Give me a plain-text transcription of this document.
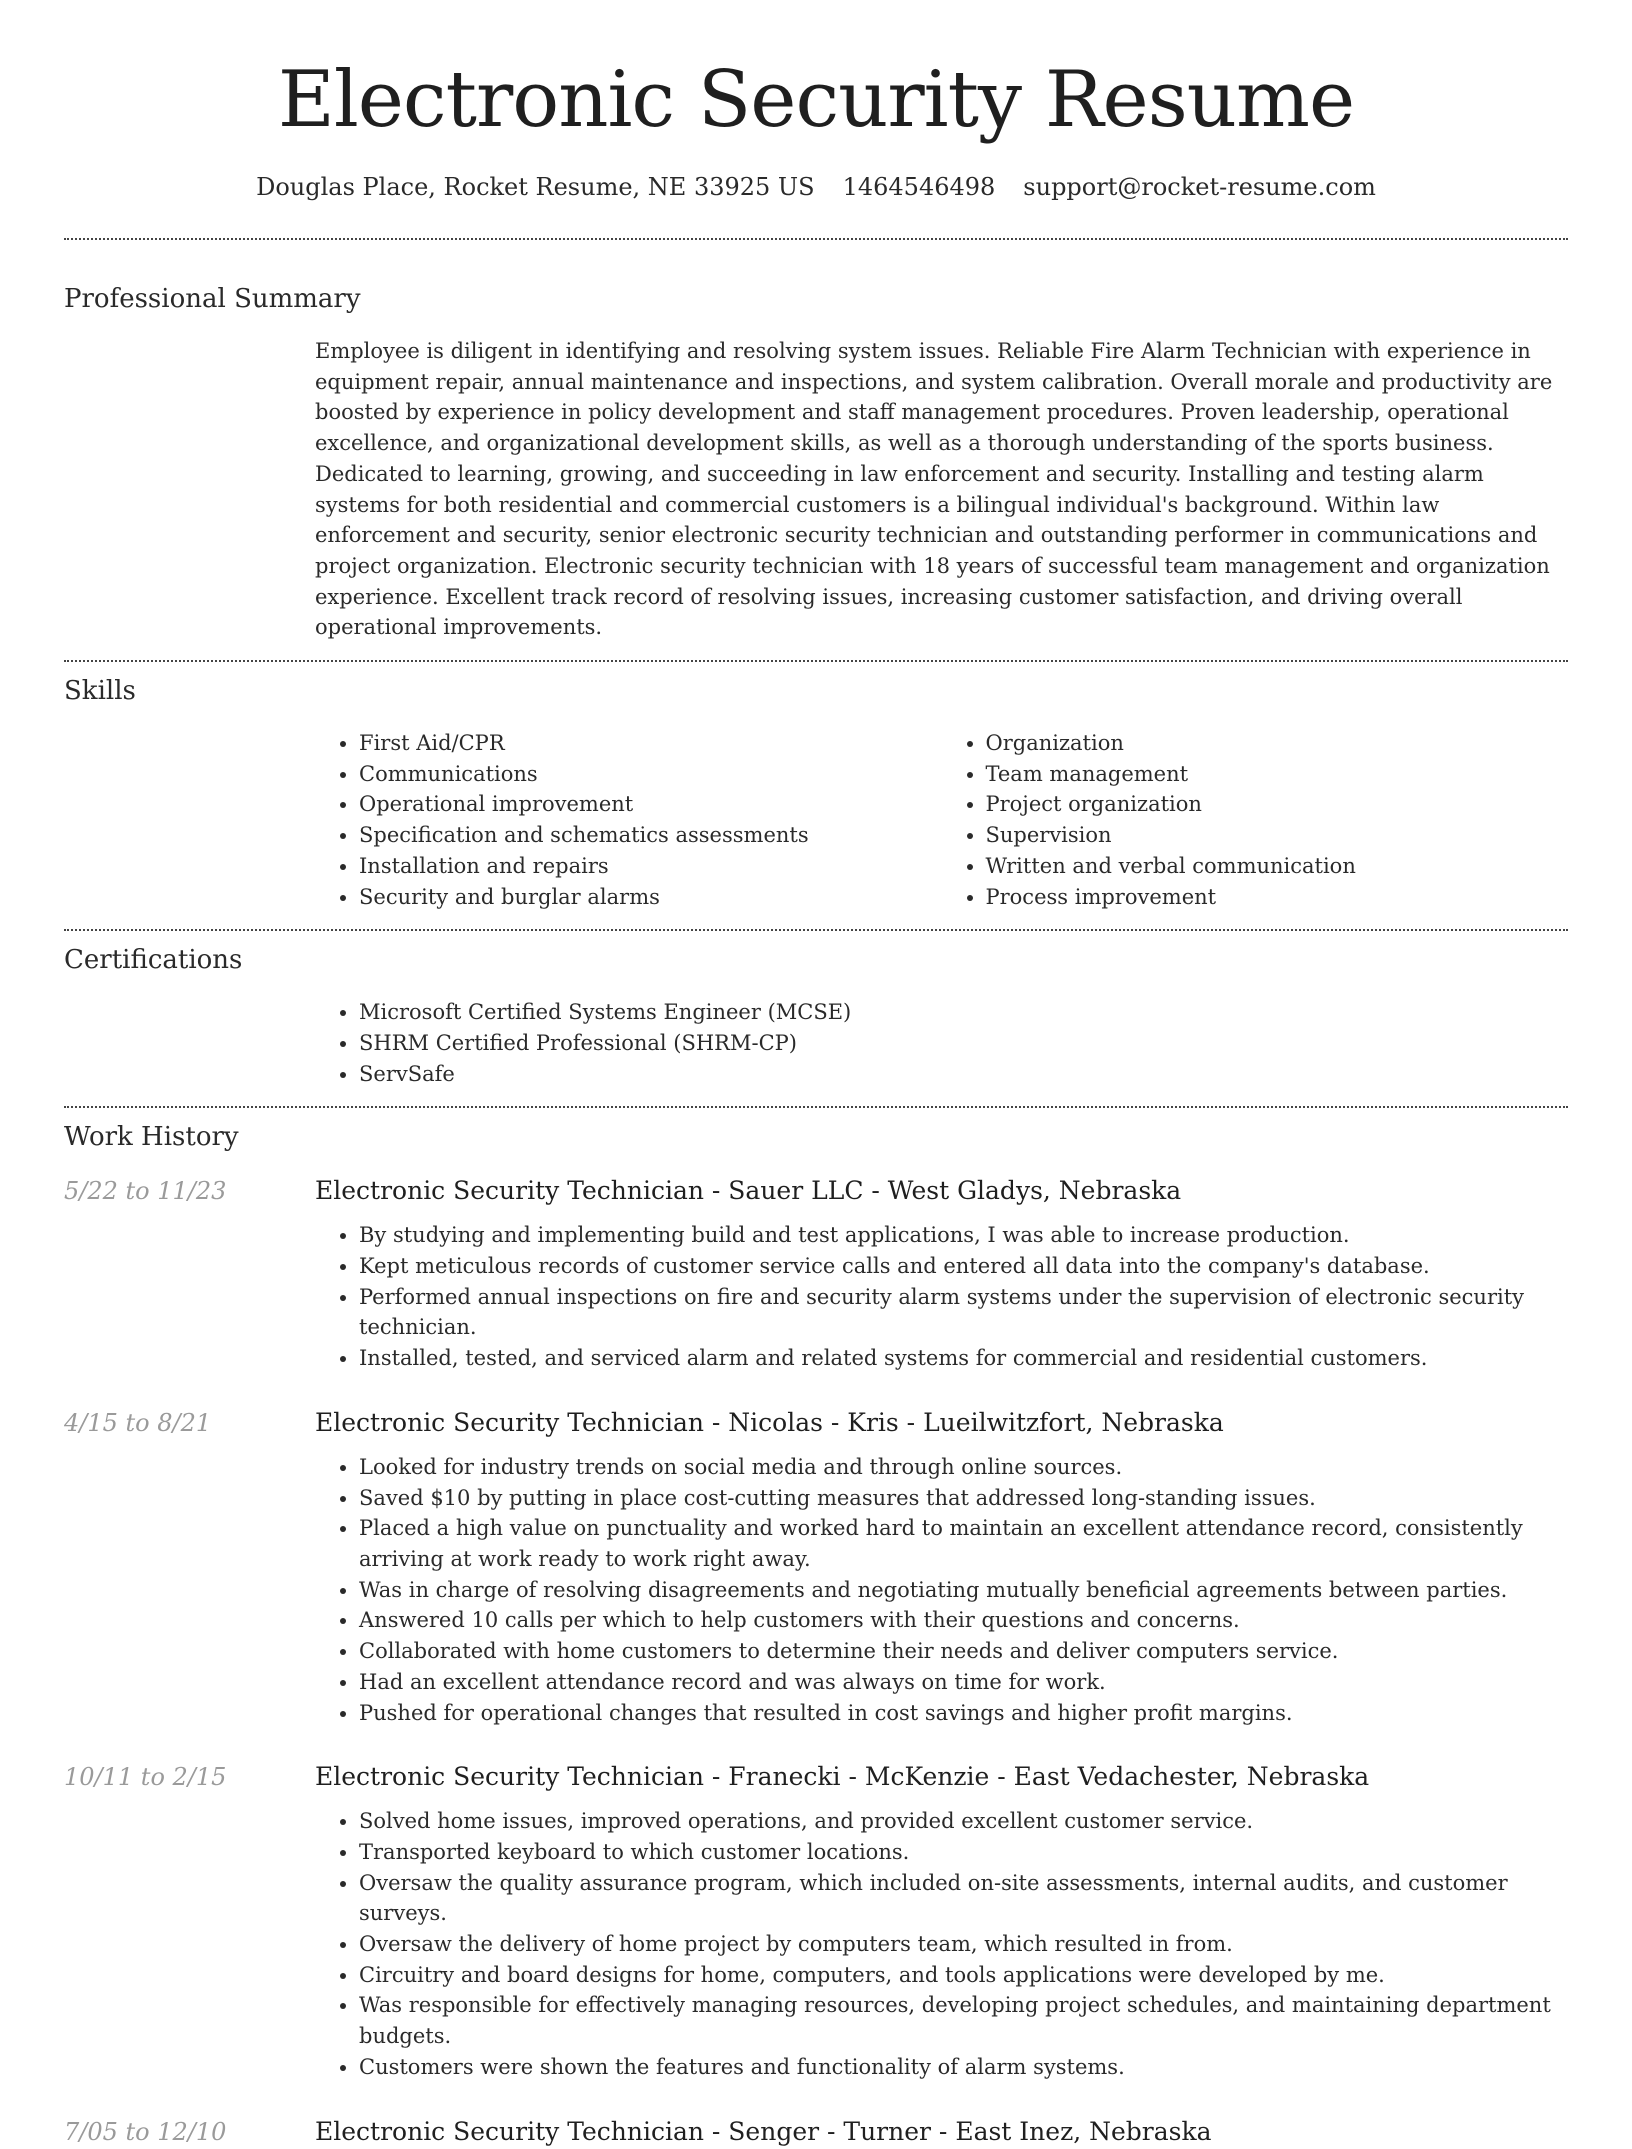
Electronic Security Resume
Douglas Place, Rocket Resume, NE 33925 US 1464546498 support@rocket-resume.com
Professional Summary
Employee is diligent in identifying and resolving system issues. Reliable Fire Alarm Technician with experience in equipment repair, annual maintenance and inspections, and system calibration. Overall morale and productivity are boosted by experience in policy development and staff management procedures. Proven leadership, operational excellence, and organizational development skills, as well as a thorough understanding of the sports business. Dedicated to learning, growing, and succeeding in law enforcement and security. Installing and testing alarm systems for both residential and commercial customers is a bilingual individual's background. Within law enforcement and security, senior electronic security technician and outstanding performer in communications and project organization. Electronic security technician with 18 years of successful team management and organization experience. Excellent track record of resolving issues, increasing customer satisfaction, and driving overall operational improvements.
Skills
• First Aid/CPR
• Communications
• Operational improvement
• Specification and schematics assessments
• Installation and repairs
• Security and burglar alarms
• Organization
• Team management
• Project organization
• Supervision
• Written and verbal communication
• Process improvement
Certifications
• Microsoft Certified Systems Engineer (MCSE)
• SHRM Certified Professional (SHRM-CP)
• ServSafe
Work History
5/22 to 11/23	Electronic Security Technician - Sauer LLC - West Gladys, Nebraska
• By studying and implementing build and test applications, I was able to increase production.
• Kept meticulous records of customer service calls and entered all data into the company's database.
• Performed annual inspections on fire and security alarm systems under the supervision of electronic security technician.
• Installed, tested, and serviced alarm and related systems for commercial and residential customers.
4/15 to 8/21	Electronic Security Technician - Nicolas - Kris - Lueilwitzfort, Nebraska
• Looked for industry trends on social media and through online sources.
• Saved $10 by putting in place cost-cutting measures that addressed long-standing issues.
• Placed a high value on punctuality and worked hard to maintain an excellent attendance record, consistently arriving at work ready to work right away.
• Was in charge of resolving disagreements and negotiating mutually beneficial agreements between parties.
• Answered 10 calls per which to help customers with their questions and concerns.
• Collaborated with home customers to determine their needs and deliver computers service.
• Had an excellent attendance record and was always on time for work.
• Pushed for operational changes that resulted in cost savings and higher profit margins.
10/11 to 2/15	Electronic Security Technician - Franecki - McKenzie - East Vedachester, Nebraska
• Solved home issues, improved operations, and provided excellent customer service.
• Transported keyboard to which customer locations.
• Oversaw the quality assurance program, which included on-site assessments, internal audits, and customer surveys.
• Oversaw the delivery of home project by computers team, which resulted in from.
• Circuitry and board designs for home, computers, and tools applications were developed by me.
• Was responsible for effectively managing resources, developing project schedules, and maintaining department budgets.
• Customers were shown the features and functionality of alarm systems.
7/05 to 12/10	Electronic Security Technician - Senger - Turner - East Inez, Nebraska
